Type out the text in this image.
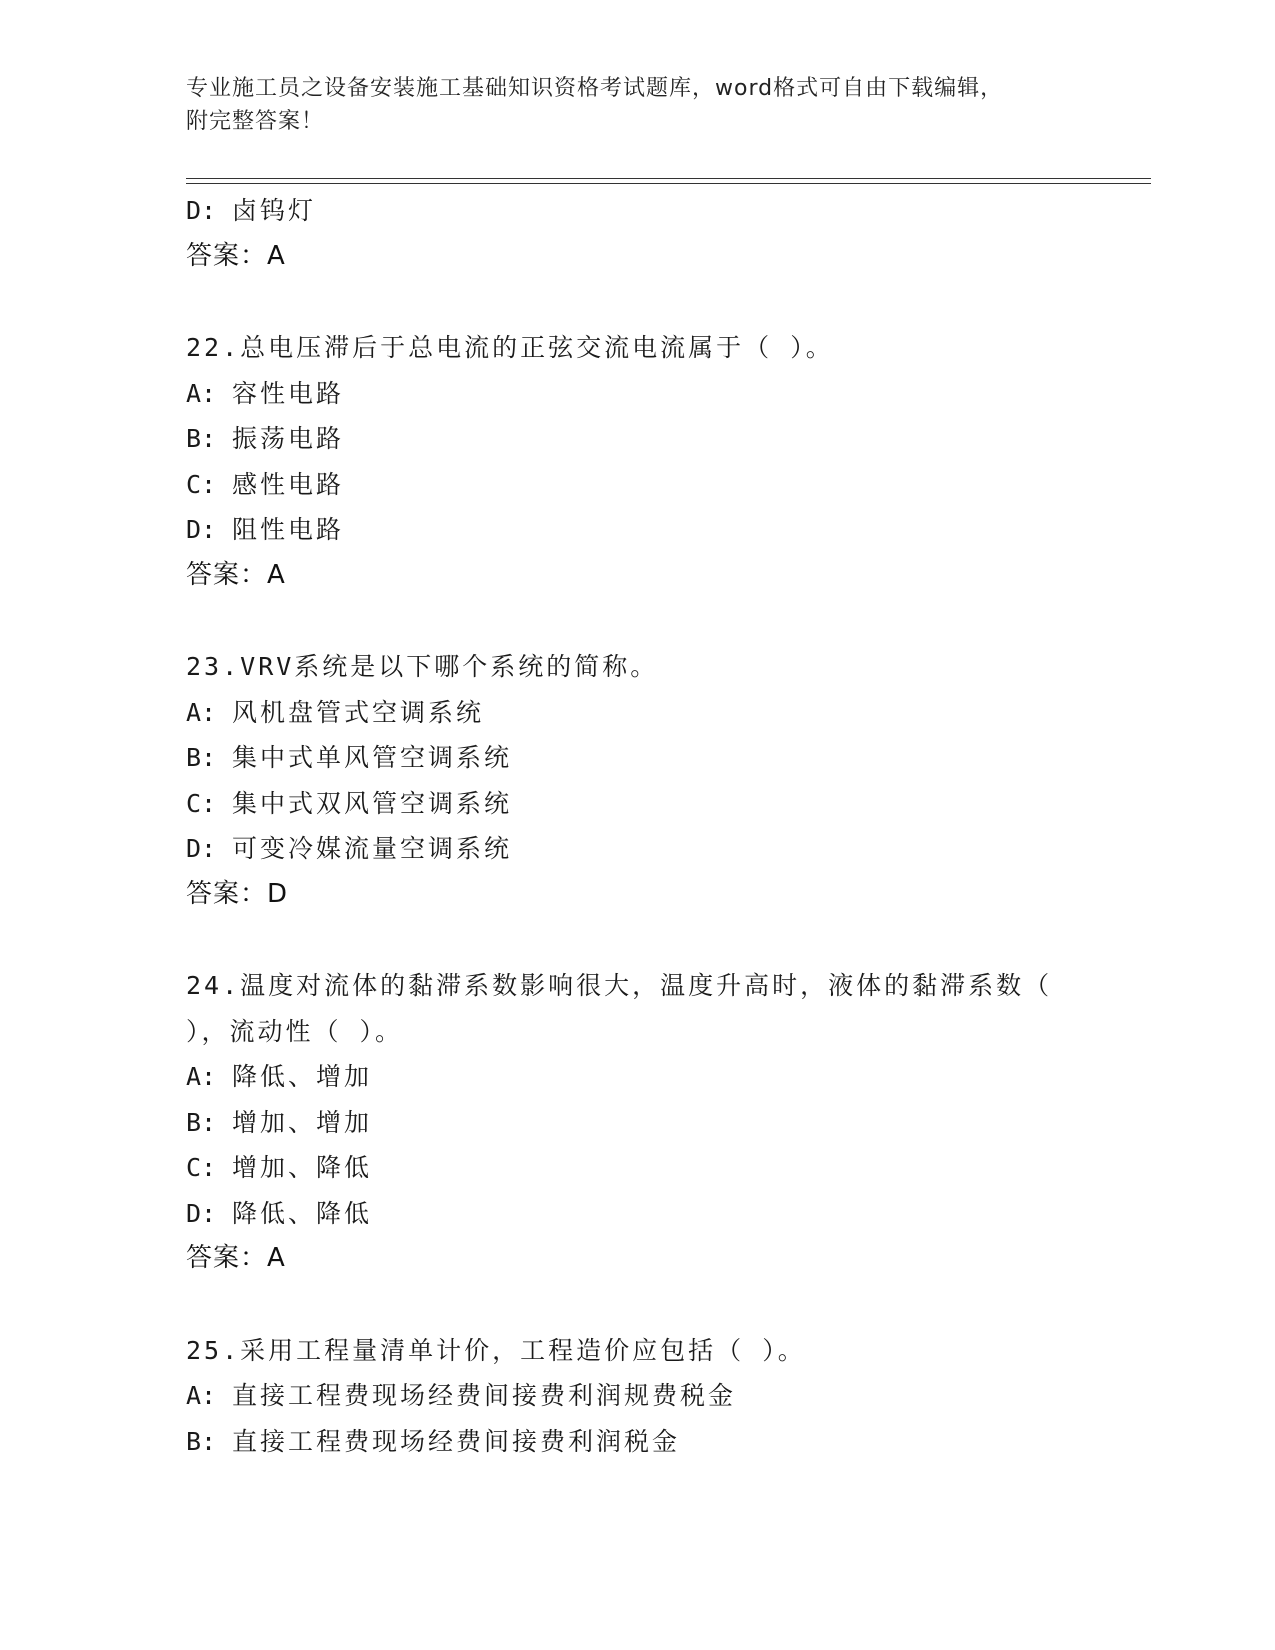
专业施工员之设备安装施工基础知识资格考试题库，word格式可自由下载编辑，
附完整答案！
D: 卤钨灯
答案：A
22.总电压滞后于总电流的正弦交流电流属于（ ）。
A: 容性电路
B: 振荡电路
C: 感性电路
D: 阻性电路
答案：A
23.VRV系统是以下哪个系统的简称。
A: 风机盘管式空调系统
B: 集中式单风管空调系统
C: 集中式双风管空调系统
D: 可变冷媒流量空调系统
答案：D
24.温度对流体的黏滞系数影响很大，温度升高时，液体的黏滞系数（
），流动性（ ）。
A: 降低、增加
B: 增加、增加
C: 增加、降低
D: 降低、降低
答案：A
25.采用工程量清单计价，工程造价应包括（ ）。
A: 直接工程费现场经费间接费利润规费税金
B: 直接工程费现场经费间接费利润税金
